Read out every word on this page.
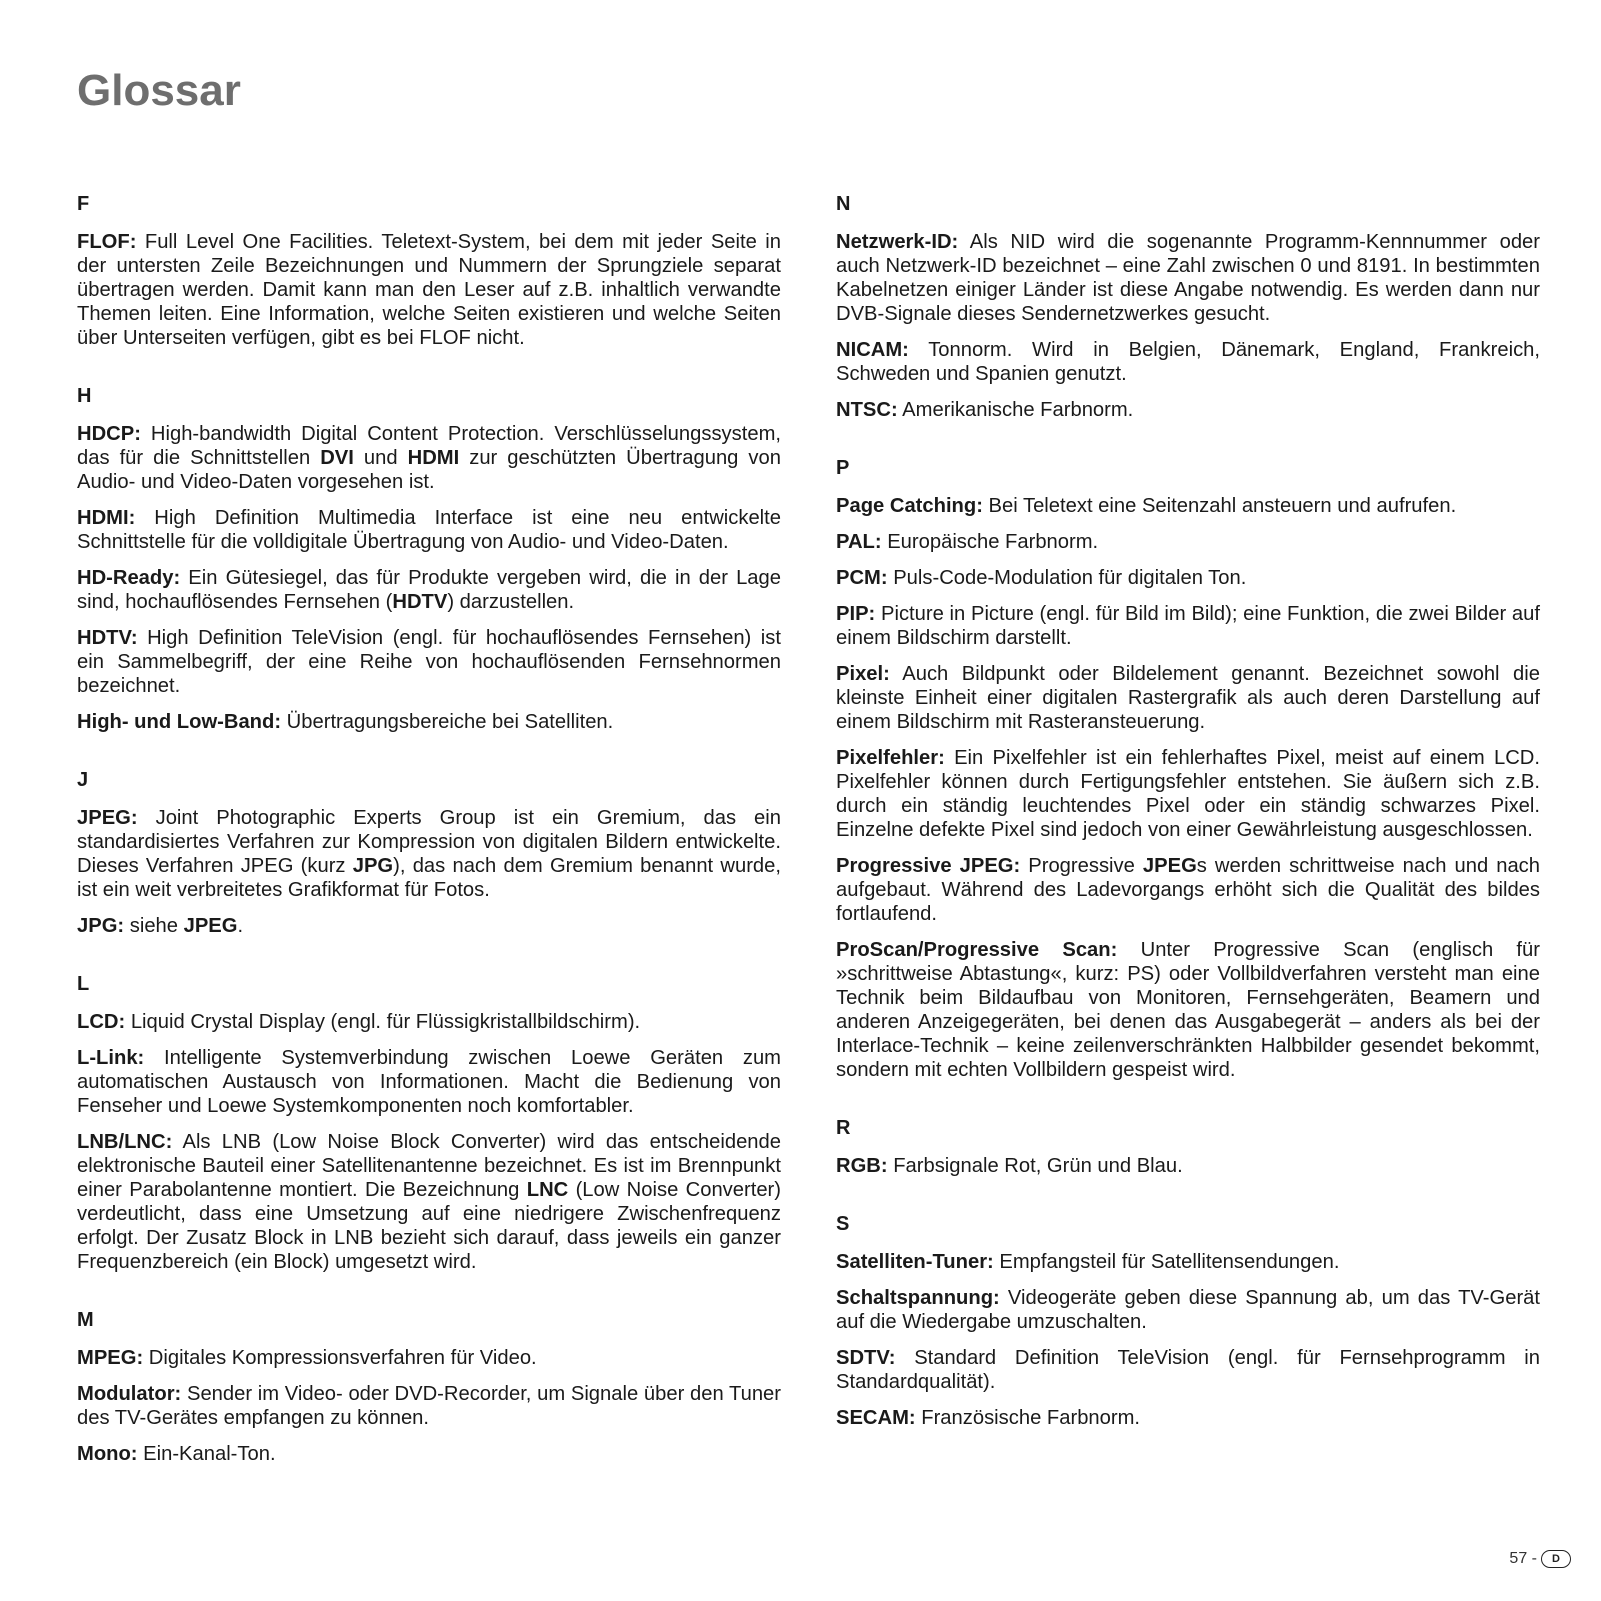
Glossar
F

FLOF: Full Level One Facilities. Teletext-System, bei dem mit jeder Seite in der untersten Zeile Bezeichnungen und Nummern der Sprungziele separat übertragen werden. Damit kann man den Leser auf z.B. inhaltlich verwandte Themen leiten. Eine Information, welche Seiten existieren und welche Seiten über Unterseiten verfügen, gibt es bei FLOF nicht.

H

HDCP: High-bandwidth Digital Content Protection. Verschlüsselungssystem, das für die Schnittstellen DVI und HDMI zur geschützten Übertragung von Audio- und Video-Daten vorgesehen ist.

HDMI: High Definition Multimedia Interface ist eine neu entwickelte Schnittstelle für die volldigitale Übertragung von Audio- und Video-Daten.

HD-Ready: Ein Gütesiegel, das für Produkte vergeben wird, die in der Lage sind, hochauflösendes Fernsehen (HDTV) darzustellen.

HDTV: High Definition TeleVision (engl. für hochauflösendes Fernsehen) ist ein Sammelbegriff, der eine Reihe von hochauflösenden Fernsehnormen bezeichnet.

High- und Low-Band: Übertragungsbereiche bei Satelliten.

J

JPEG: Joint Photographic Experts Group ist ein Gremium, das ein standardisiertes Verfahren zur Kompression von digitalen Bildern entwickelte. Dieses Verfahren JPEG (kurz JPG), das nach dem Gremium benannt wurde, ist ein weit verbreitetes Grafikformat für Fotos.

JPG: siehe JPEG.

L

LCD: Liquid Crystal Display (engl. für Flüssigkristallbildschirm).

L-Link: Intelligente Systemverbindung zwischen Loewe Geräten zum automatischen Austausch von Informationen. Macht die Bedienung von Fenseher und Loewe Systemkomponenten noch komfortabler.

LNB/LNC: Als LNB (Low Noise Block Converter) wird das entscheidende elektronische Bauteil einer Satellitenantenne bezeichnet. Es ist im Brennpunkt einer Parabolantenne montiert. Die Bezeichnung LNC (Low Noise Converter) verdeutlicht, dass eine Umsetzung auf eine niedrigere Zwischenfrequenz erfolgt. Der Zusatz Block in LNB bezieht sich darauf, dass jeweils ein ganzer Frequenzbereich (ein Block) umgesetzt wird.

M

MPEG: Digitales Kompressionsverfahren für Video.

Modulator: Sender im Video- oder DVD-Recorder, um Signale über den Tuner des TV-Gerätes empfangen zu können.

Mono: Ein-Kanal-Ton.

N

Netzwerk-ID: Als NID wird die sogenannte Programm-Kennnummer oder auch Netzwerk-ID bezeichnet – eine Zahl zwischen 0 und 8191. In bestimmten Kabelnetzen einiger Länder ist diese Angabe notwendig. Es werden dann nur DVB-Signale dieses Sendernetzwerkes gesucht.

NICAM: Tonnorm. Wird in Belgien, Dänemark, England, Frankreich, Schweden und Spanien genutzt.

NTSC: Amerikanische Farbnorm.

P

Page Catching: Bei Teletext eine Seitenzahl ansteuern und aufrufen.

PAL: Europäische Farbnorm.

PCM: Puls-Code-Modulation für digitalen Ton.

PIP: Picture in Picture (engl. für Bild im Bild); eine Funktion, die zwei Bilder auf einem Bildschirm darstellt.

Pixel: Auch Bildpunkt oder Bildelement genannt. Bezeichnet sowohl die kleinste Einheit einer digitalen Rastergrafik als auch deren Darstellung auf einem Bildschirm mit Rasteransteuerung.

Pixelfehler: Ein Pixelfehler ist ein fehlerhaftes Pixel, meist auf einem LCD. Pixelfehler können durch Fertigungsfehler entstehen. Sie äußern sich z.B. durch ein ständig leuchtendes Pixel oder ein ständig schwarzes Pixel. Einzelne defekte Pixel sind jedoch von einer Gewährleistung ausgeschlossen.

Progressive JPEG: Progressive JPEGs werden schrittweise nach und nach aufgebaut. Während des Ladevorgangs erhöht sich die Qualität des bildes fortlaufend.

ProScan/Progressive Scan: Unter Progressive Scan (englisch für »schrittweise Abtastung«, kurz: PS) oder Vollbildverfahren versteht man eine Technik beim Bildaufbau von Monitoren, Fernsehgeräten, Beamern und anderen Anzeigegeräten, bei denen das Ausgabegerät – anders als bei der Interlace-Technik – keine zeilenverschränkten Halbbilder gesendet bekommt, sondern mit echten Vollbildern gespeist wird.

R

RGB: Farbsignale Rot, Grün und Blau.

S

Satelliten-Tuner: Empfangsteil für Satellitensendungen.

Schaltspannung: Videogeräte geben diese Spannung ab, um das TV-Gerät auf die Wiedergabe umzuschalten.

SDTV: Standard Definition TeleVision (engl. für Fernsehprogramm in Standardqualität).

SECAM: Französische Farbnorm.

57 -	D
